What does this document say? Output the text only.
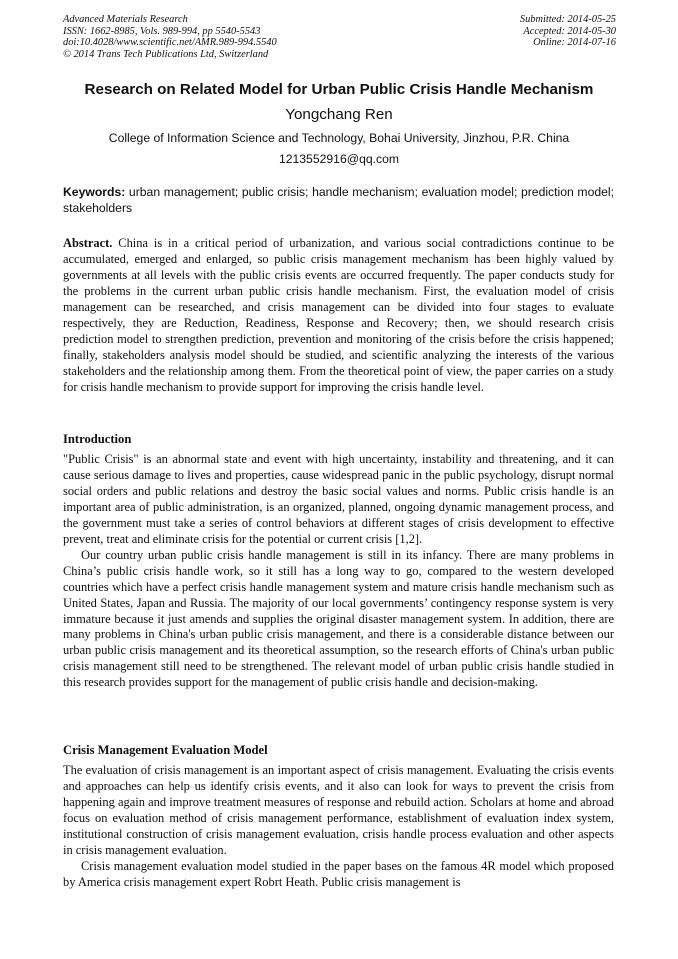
Advanced Materials Research
ISSN: 1662-8985, Vols. 989-994, pp 5540-5543
doi:10.4028/www.scientific.net/AMR.989-994.5540
© 2014 Trans Tech Publications Ltd, Switzerland
Submitted: 2014-05-25
Accepted: 2014-05-30
Online: 2014-07-16
Research on Related Model for Urban Public Crisis Handle Mechanism
Yongchang Ren
College of Information Science and Technology, Bohai University, Jinzhou, P.R. China
1213552916@qq.com
Keywords: urban management; public crisis; handle mechanism; evaluation model; prediction model; stakeholders
Abstract. China is in a critical period of urbanization, and various social contradictions continue to be accumulated, emerged and enlarged, so public crisis management mechanism has been highly valued by governments at all levels with the public crisis events are occurred frequently. The paper conducts study for the problems in the current urban public crisis handle mechanism. First, the evaluation model of crisis management can be researched, and crisis management can be divided into four stages to evaluate respectively, they are Reduction, Readiness, Response and Recovery; then, we should research crisis prediction model to strengthen prediction, prevention and monitoring of the crisis before the crisis happened; finally, stakeholders analysis model should be studied, and scientific analyzing the interests of the various stakeholders and the relationship among them. From the theoretical point of view, the paper carries on a study for crisis handle mechanism to provide support for improving the crisis handle level.
Introduction

"Public Crisis" is an abnormal state and event with high uncertainty, instability and threatening, and it can cause serious damage to lives and properties, cause widespread panic in the public psychology, disrupt normal social orders and public relations and destroy the basic social values and norms. Public crisis handle is an important area of public administration, is an organized, planned, ongoing dynamic management process, and the government must take a series of control behaviors at different stages of crisis development to effective prevent, treat and eliminate crisis for the potential or current crisis [1,2].

Our country urban public crisis handle management is still in its infancy. There are many problems in China’s public crisis handle work, so it still has a long way to go, compared to the western developed countries which have a perfect crisis handle management system and mature crisis handle mechanism such as United States, Japan and Russia. The majority of our local governments’ contingency response system is very immature because it just amends and supplies the original disaster management system. In addition, there are many problems in China's urban public crisis management, and there is a considerable distance between our urban public crisis management and its theoretical assumption, so the research efforts of China's urban public crisis management still need to be strengthened. The relevant model of urban public crisis handle studied in this research provides support for the management of public crisis handle and decision-making.

Crisis Management Evaluation Model

The evaluation of crisis management is an important aspect of crisis management. Evaluating the crisis events and approaches can help us identify crisis events, and it also can look for ways to prevent the crisis from happening again and improve treatment measures of response and rebuild action. Scholars at home and abroad focus on evaluation method of crisis management performance, establishment of evaluation index system, institutional construction of crisis management evaluation, crisis handle process evaluation and other aspects in crisis management evaluation.

Crisis management evaluation model studied in the paper bases on the famous 4R model which proposed by America crisis management expert Robrt Heath. Public crisis management is
